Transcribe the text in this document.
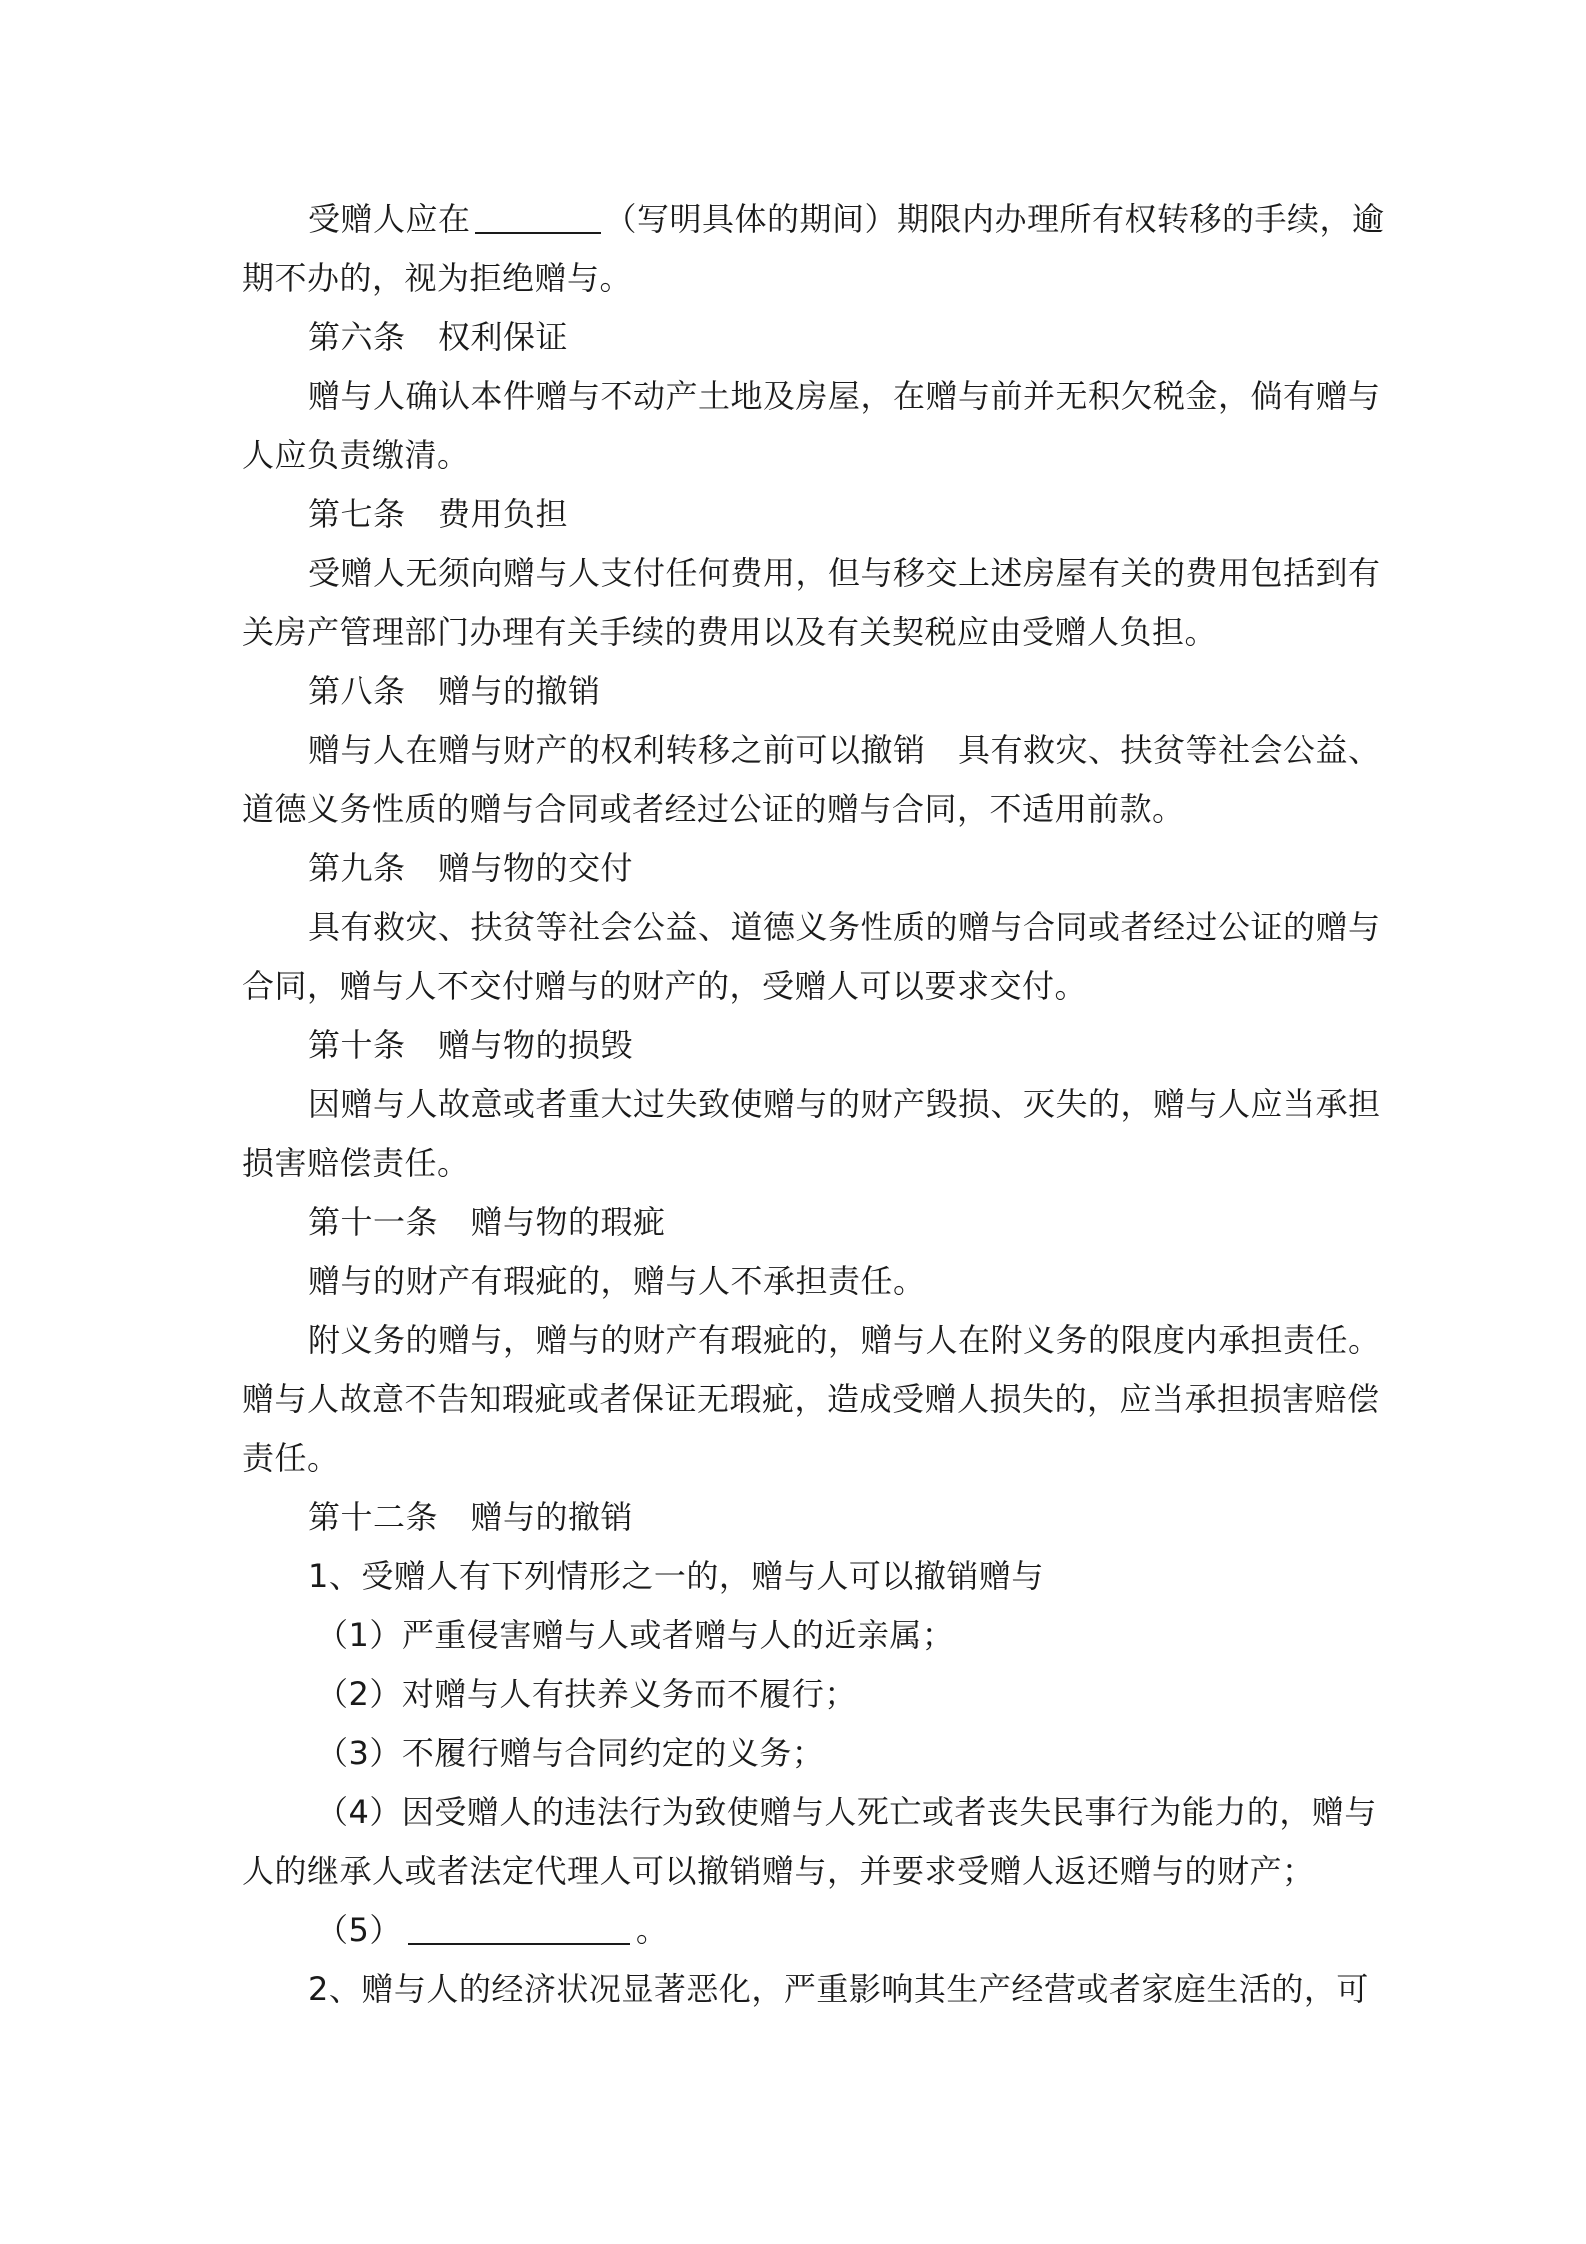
受赠人应在	（写明具体的期间）期限内办理所有权转移的手续，逾
期不办的，视为拒绝赠与。
第六条　权利保证
赠与人确认本件赠与不动产土地及房屋，在赠与前并无积欠税金，倘有赠与
人应负责缴清。
第七条　费用负担
受赠人无须向赠与人支付任何费用，但与移交上述房屋有关的费用包括到有
关房产管理部门办理有关手续的费用以及有关契税应由受赠人负担。
第八条　赠与的撤销
赠与人在赠与财产的权利转移之前可以撤销　具有救灾、扶贫等社会公益、
道德义务性质的赠与合同或者经过公证的赠与合同，不适用前款。
第九条　赠与物的交付
具有救灾、扶贫等社会公益、道德义务性质的赠与合同或者经过公证的赠与
合同，赠与人不交付赠与的财产的，受赠人可以要求交付。
第十条　赠与物的损毁
因赠与人故意或者重大过失致使赠与的财产毁损、灭失的，赠与人应当承担
损害赔偿责任。
第十一条　赠与物的瑕疵
赠与的财产有瑕疵的，赠与人不承担责任。
附义务的赠与，赠与的财产有瑕疵的，赠与人在附义务的限度内承担责任。
赠与人故意不告知瑕疵或者保证无瑕疵，造成受赠人损失的，应当承担损害赔偿
责任。
第十二条　赠与的撤销
1、受赠人有下列情形之一的，赠与人可以撤销赠与
（1）严重侵害赠与人或者赠与人的近亲属；
（2）对赠与人有扶养义务而不履行；
（3）不履行赠与合同约定的义务；
（4）因受赠人的违法行为致使赠与人死亡或者丧失民事行为能力的，赠与
人的继承人或者法定代理人可以撤销赠与，并要求受赠人返还赠与的财产；
（5）	。
2、赠与人的经济状况显著恶化，严重影响其生产经营或者家庭生活的，可
